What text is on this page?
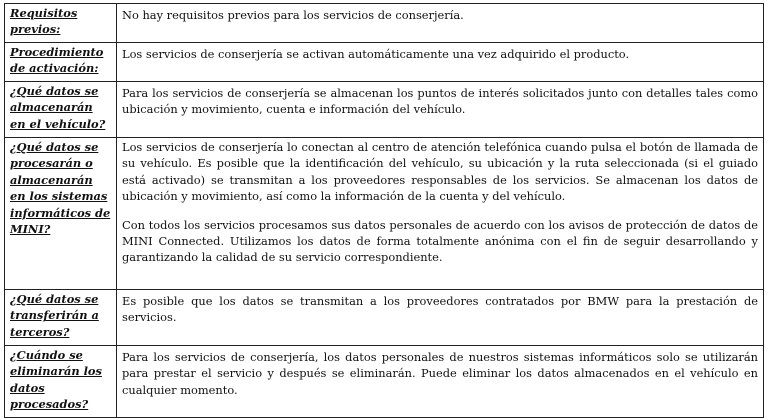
Requisitos previos:	No hay requisitos previos para los servicios de conserjería.

Procedimiento de activación:	Los servicios de conserjería se activan automáticamente una vez adquirido el producto.

¿Qué datos se almacenarán en el vehículo?	Para los servicios de conserjería se almacenan los puntos de interés solicitados junto con detalles tales como ubicación y movimiento, cuenta e información del vehículo.

¿Qué datos se procesarán o almacenarán en los sistemas informáticos de MINI?	Los servicios de conserjería lo conectan al centro de atención telefónica cuando pulsa el botón de llamada de su vehículo. Es posible que la identificación del vehículo, su ubicación y la ruta seleccionada (si el guiado está activado) se transmitan a los proveedores responsables de los servicios. Se almacenan los datos de ubicación y movimiento, así como la información de la cuenta y del vehículo.

Con todos los servicios procesamos sus datos personales de acuerdo con los avisos de protección de datos de MINI Connected. Utilizamos los datos de forma totalmente anónima con el fin de seguir desarrollando y garantizando la calidad de su servicio correspondiente.

¿Qué datos se transferirán a terceros?	Es posible que los datos se transmitan a los proveedores contratados por BMW para la prestación de servicios.

¿Cuándo se eliminarán los datos procesados?	Para los servicios de conserjería, los datos personales de nuestros sistemas informáticos solo se utilizarán para prestar el servicio y después se eliminarán. Puede eliminar los datos almacenados en el vehículo en cualquier momento.
